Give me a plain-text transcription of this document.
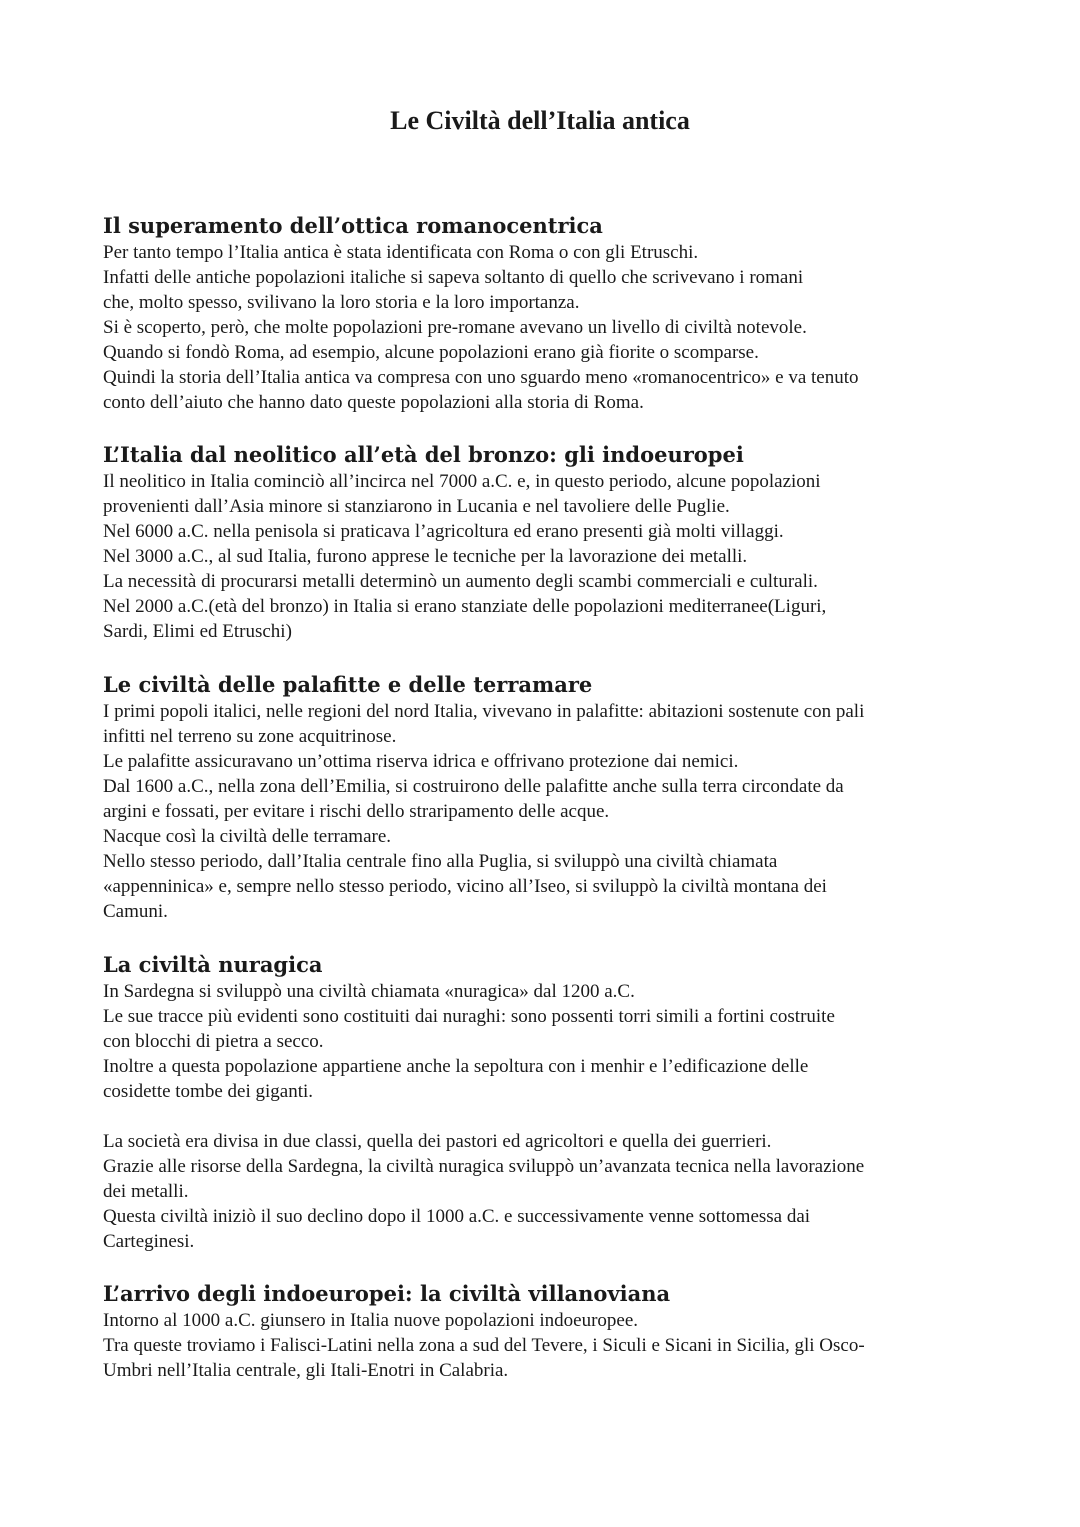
Le Civiltà dell’Italia antica
Il superamento dell’ottica romanocentrica

Per tanto tempo l’Italia antica è stata identificata con Roma o con gli Etruschi.
Infatti delle antiche popolazioni italiche si sapeva soltanto di quello che scrivevano i romani
che, molto spesso, svilivano la loro storia e la loro importanza.
Si è scoperto, però, che molte popolazioni pre-romane avevano un livello di civiltà notevole.
Quando si fondò Roma, ad esempio, alcune popolazioni erano già fiorite o scomparse.
Quindi la storia dell’Italia antica va compresa con uno sguardo meno «romanocentrico» e va tenuto
conto dell’aiuto che hanno dato queste popolazioni alla storia di Roma.

L’Italia dal neolitico all’età del bronzo: gli indoeuropei

Il neolitico in Italia cominciò all’incirca nel 7000 a.C. e, in questo periodo, alcune popolazioni
provenienti dall’Asia minore si stanziarono in Lucania e nel tavoliere delle Puglie.
Nel 6000 a.C. nella penisola si praticava l’agricoltura ed erano presenti già molti villaggi.
Nel 3000 a.C., al sud Italia, furono apprese le tecniche per la lavorazione dei metalli.
La necessità di procurarsi metalli determinò un aumento degli scambi commerciali e culturali.
Nel 2000 a.C.(età del bronzo) in Italia si erano stanziate delle popolazioni mediterranee(Liguri,
Sardi, Elimi ed Etruschi)

Le civiltà delle palafitte e delle terramare

I primi popoli italici, nelle regioni del nord Italia, vivevano in palafitte: abitazioni sostenute con pali
infitti nel terreno su zone acquitrinose.
Le palafitte assicuravano un’ottima riserva idrica e offrivano protezione dai nemici.
Dal 1600 a.C., nella zona dell’Emilia, si costruirono delle palafitte anche sulla terra circondate da
argini e fossati, per evitare i rischi dello straripamento delle acque.
Nacque così la civiltà delle terramare.
Nello stesso periodo, dall’Italia centrale fino alla Puglia, si sviluppò una civiltà chiamata
«appenninica» e, sempre nello stesso periodo, vicino all’Iseo, si sviluppò la civiltà montana dei
Camuni.

La civiltà nuragica

In Sardegna si sviluppò una civiltà chiamata «nuragica» dal 1200 a.C.
Le sue tracce più evidenti sono costituiti dai nuraghi: sono possenti torri simili a fortini costruite
con blocchi di pietra a secco.
Inoltre a questa popolazione appartiene anche la sepoltura con i menhir e l’edificazione delle
cosidette tombe dei giganti.
La società era divisa in due classi, quella dei pastori ed agricoltori e quella dei guerrieri.
Grazie alle risorse della Sardegna, la civiltà nuragica sviluppò un’avanzata tecnica nella lavorazione
dei metalli.
Questa civiltà iniziò il suo declino dopo il 1000 a.C. e successivamente venne sottomessa dai
Carteginesi.

L’arrivo degli indoeuropei: la civiltà villanoviana

Intorno al 1000 a.C. giunsero in Italia nuove popolazioni indoeuropee.
Tra queste troviamo i Falisci-Latini nella zona a sud del Tevere, i Siculi e Sicani in Sicilia, gli Osco-
Umbri nell’Italia centrale, gli Itali-Enotri in Calabria.
